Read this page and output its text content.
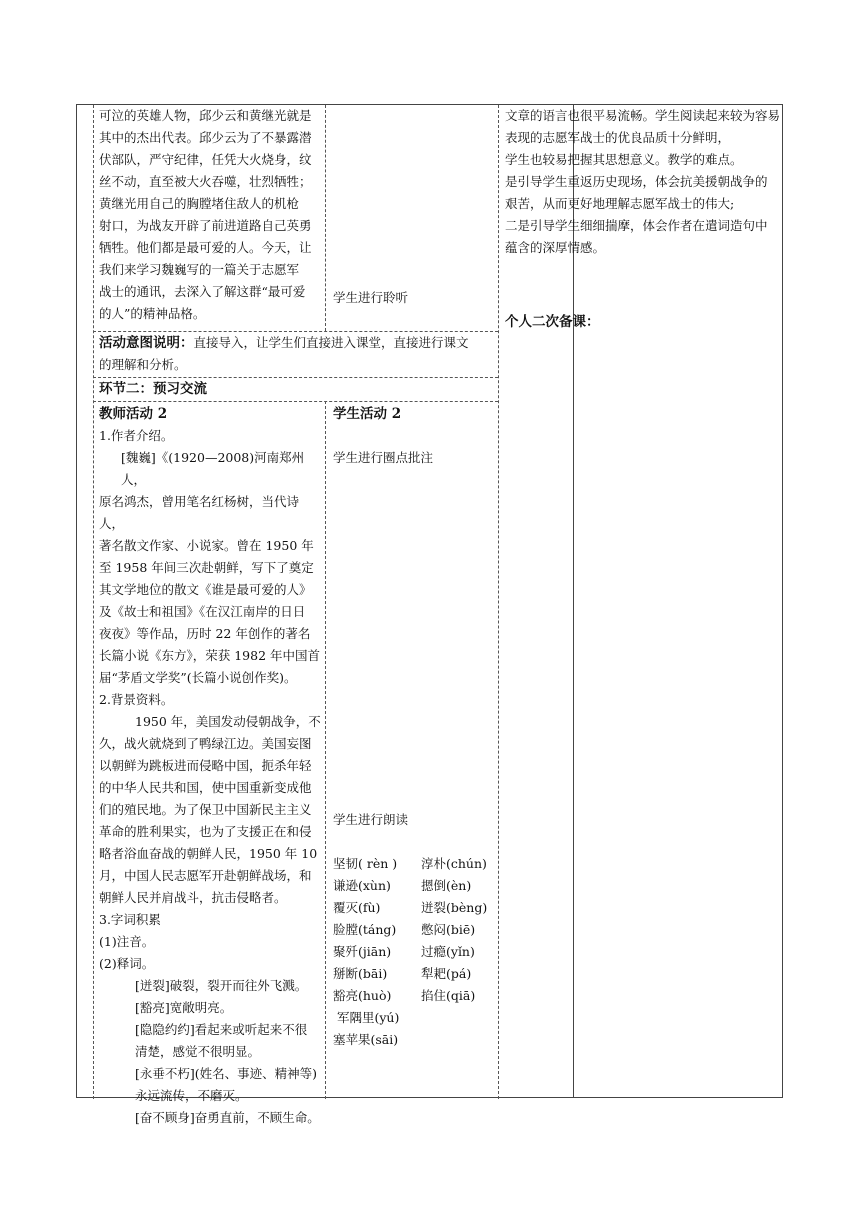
可泣的英雄人物，邱少云和黄继光就是

其中的杰出代表。邱少云为了不暴露潜

伏部队，严守纪律，任凭大火烧身，纹

丝不动，直至被大火吞噬，壮烈牺牲；

黄继光用自己的胸膛堵住敌人的机枪

射口，为战友开辟了前进道路自己英勇

牺牲。他们都是最可爱的人。今天，让

我们来学习魏巍写的一篇关于志愿军

战士的通讯，去深入了解这群“最可爱

的人”的精神品格。

学生进行聆听

活动意图说明：直接导入，让学生们直接进入课堂，直接进行课文

的理解和分析。

环节二：预习交流
教师活动 2	学生活动 2

1.作者介绍。

[魏巍]《(1920—2008)河南郑州人，

原名鸿杰，曾用笔名红杨树，当代诗人，

著名散文作家、小说家。曾在 1950 年

至 1958 年间三次赴朝鲜，写下了奠定

其文学地位的散文《谁是最可爱的人》

及《故士和祖国》《在汉江南岸的日日

夜夜》等作品，历时 22 年创作的著名

长篇小说《东方》，荣获 1982 年中国首

届“茅盾文学奖”(长篇小说创作奖)。

2.背景资料。

1950 年，美国发动侵朝战争，不

久，战火就烧到了鸭绿江边。美国妄图

以朝鲜为跳板进而侵略中国，扼杀年轻

的中华人民共和国，使中国重新变成他

们的殖民地。为了保卫中国新民主主义

革命的胜利果实，也为了支援正在和侵

略者浴血奋战的朝鲜人民，1950 年 10

月，中国人民志愿军开赴朝鲜战场，和

朝鲜人民并肩战斗，抗击侵略者。

3.字词积累

(1)注音。

(2)释词。

[迸裂]破裂，裂开而往外飞溅。

[豁亮]宽敞明亮。

[隐隐约约]看起来或听起来不很

清楚，感觉不很明显。

[永垂不朽](姓名、事迹、精神等)

永远流传，不磨灭。

[奋不顾身]奋勇直前，不顾生命。

学生进行圈点批注
学生进行朗读
坚韧( rèn )	淳朴(chún)
谦逊(xùn)	摁倒(èn)
覆灭(fù)	迸裂(bèng)
脸膛(táng)	憋闷(biē)
聚歼(jiān)	过瘾(yǐn)
掰断(bāi)	犁耙(pá)
豁亮(huò)	掐住(qiā)
军隅里(yú)
塞苹果(sāi)

文章的语言也很平易流畅。学生阅读起来较为容易

表现的志愿军战士的优良品质十分鲜明，

学生也较易把握其思想意义。教学的难点。

是引导学生重返历史现场，体会抗美援朝战争的

艰苦，从而更好地理解志愿军战士的伟大;

二是引导学生细细揣摩，体会作者在遣词造句中

蕴含的深厚情感。

个人二次备课：
